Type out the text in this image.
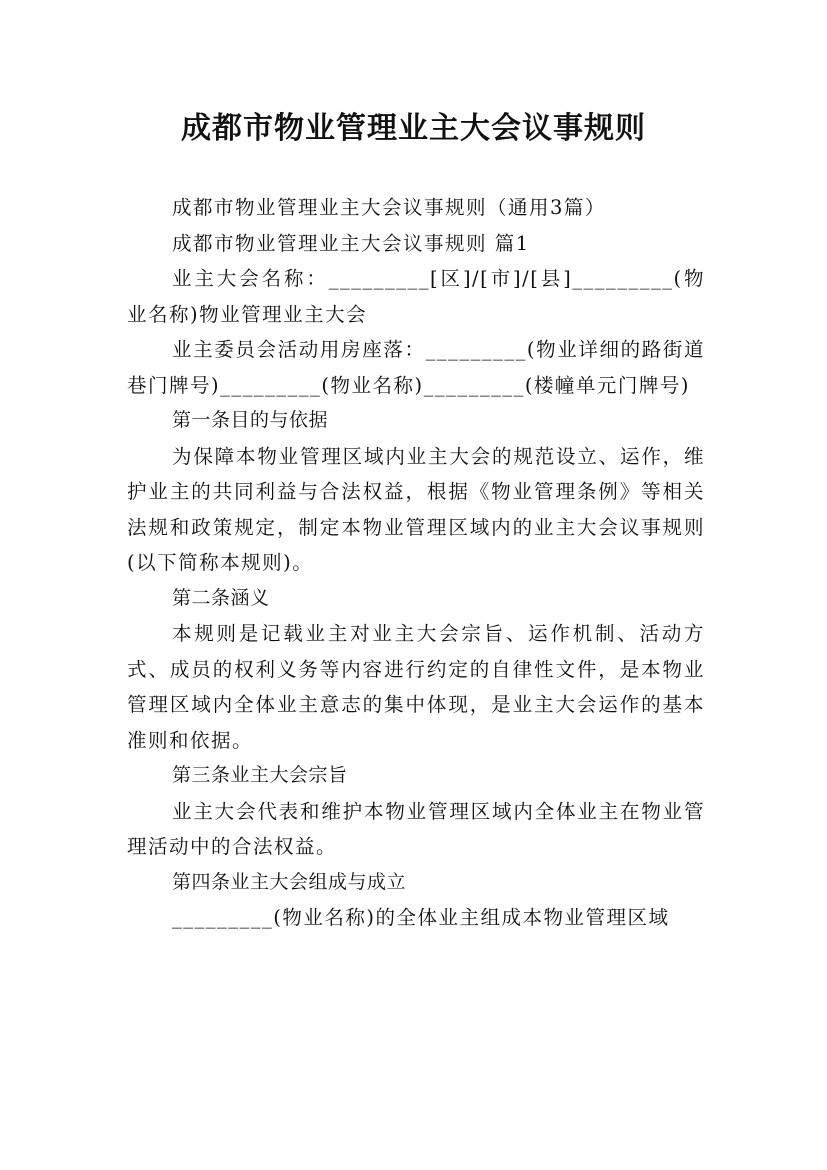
成都市物业管理业主大会议事规则

成都市物业管理业主大会议事规则（通用3篇）

成都市物业管理业主大会议事规则 篇1

业主大会名称：_________[区]/[市]/[县]_________(物业名称)物业管理业主大会

业主委员会活动用房座落：_________(物业详细的路街道巷门牌号)_________(物业名称)_________(楼幢单元门牌号)

第一条目的与依据

为保障本物业管理区域内业主大会的规范设立、运作，维护业主的共同利益与合法权益，根据《物业管理条例》等相关法规和政策规定，制定本物业管理区域内的业主大会议事规则(以下简称本规则)。

第二条涵义

本规则是记载业主对业主大会宗旨、运作机制、活动方式、成员的权利义务等内容进行约定的自律性文件，是本物业管理区域内全体业主意志的集中体现，是业主大会运作的基本准则和依据。

第三条业主大会宗旨

业主大会代表和维护本物业管理区域内全体业主在物业管理活动中的合法权益。

第四条业主大会组成与成立

_________(物业名称)的全体业主组成本物业管理区域
